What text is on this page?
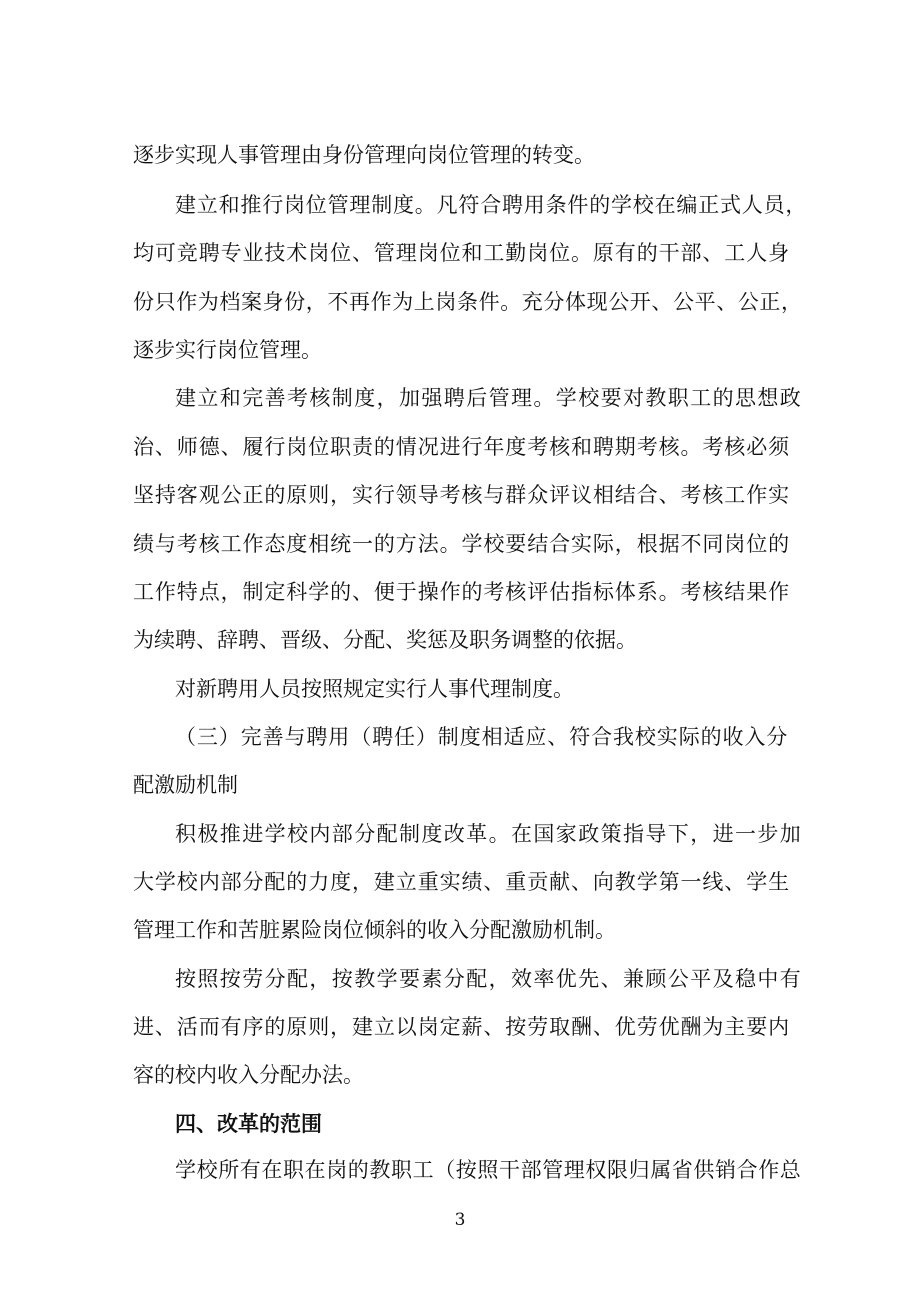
逐步实现人事管理由身份管理向岗位管理的转变。
建立和推行岗位管理制度。凡符合聘用条件的学校在编正式人员，
均可竞聘专业技术岗位、管理岗位和工勤岗位。原有的干部、工人身
份只作为档案身份，不再作为上岗条件。充分体现公开、公平、公正，
逐步实行岗位管理。
建立和完善考核制度，加强聘后管理。学校要对教职工的思想政
治、师德、履行岗位职责的情况进行年度考核和聘期考核。考核必须
坚持客观公正的原则，实行领导考核与群众评议相结合、考核工作实
绩与考核工作态度相统一的方法。学校要结合实际，根据不同岗位的
工作特点，制定科学的、便于操作的考核评估指标体系。考核结果作
为续聘、辞聘、晋级、分配、奖惩及职务调整的依据。
对新聘用人员按照规定实行人事代理制度。
（三）完善与聘用（聘任）制度相适应、符合我校实际的收入分
配激励机制
积极推进学校内部分配制度改革。在国家政策指导下，进一步加
大学校内部分配的力度，建立重实绩、重贡献、向教学第一线、学生
管理工作和苦脏累险岗位倾斜的收入分配激励机制。
按照按劳分配，按教学要素分配，效率优先、兼顾公平及稳中有
进、活而有序的原则，建立以岗定薪、按劳取酬、优劳优酬为主要内
容的校内收入分配办法。
四、改革的范围
学校所有在职在岗的教职工（按照干部管理权限归属省供销合作总
3
